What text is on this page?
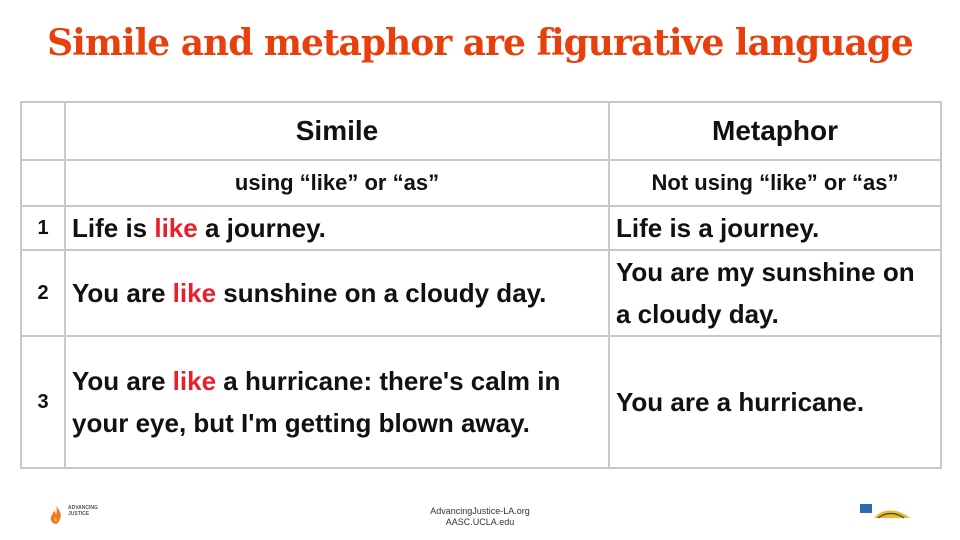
Simile and metaphor are figurative language
	Simile	Metaphor
	using “like” or “as”	Not using “like” or “as”
1	Life is like a journey.	Life is a journey.
2	You are like sunshine on a cloudy day.	You are my sunshine on a cloudy day.
3	You are like a hurricane: there's calm in your eye, but I'm getting blown away.	You are a hurricane.
ADVANCING
JUSTICE	AdvancingJustice-LA.org
AASC.UCLA.edu
